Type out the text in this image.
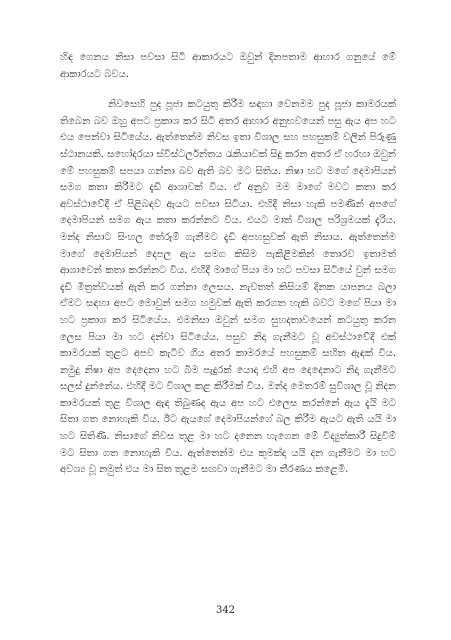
හිඳ ගෙනය නිසා පවසා සිටි ආකාරයට ඔවුන් දිනපතාම ආහාර ගනුයේ මේ ආකාරයට බවය.

නිවසෙහි පුද පූජා කටයුතු කිරීම සඳහා වෙනමම පුද පූජා කාමරයක් තිබෙන බව ඔහු අපට ප්‍රකාශ කර සිටි අතර ආහාර අනුභවයෙන් පසු ඇය අප හට එය පෙන්වා සිටියේය. ඇත්තෙන්ම නිවස ඉතා විශාල සහ පහසුකම් වලින් පිරුණු ස්ථානයකි. සහෝදරයා ස්වීස්ටර්ලන්තය රැකියාවක් සිදු කරන අතර ඒ හරහා ඔවුන් මේ පහසුකම් සපයා ගන්නා බව ඇති බව මට සිතිය. නිෂා හට මගේ දෙමාපියන් සමග කතා කිරීමට දැඩි ආශාවක් විය. ඒ අනුව මම මාගේ මවට කතා කර අවස්ථාවේදී ඒ පිළිබඳව ඇයට පවසා සිටියා. එහිදී නිසා හැකි පමණින් අපගේ දෙමාපියන් සමග ඇය කතා කරන්නට විය. එයට මාත් විශාල පරිශ්‍රමයක් දැරිය. මන්ද නිසාට සිංහල තේරුම් ගැනීමට දැඩි අපහසුවක් ඇති නිසාය. ඇත්තෙන්ම මාගේ දෙමාපියන් දෙපල ඇය සමග කිසිම පැකිළීමකින් තොරව ඉතාමත් ආශාවෙන් කතා කරන්නට විය. එහිදී මාගේ පියා මා හට පවසා සිටියේ වුන් සමග දැඩි මිත්‍රත්වයක් ඇති කර ගන්නා ලෙසය. නැවතත් කිසියම් දිනක යාපනය බලා ඒමට සඳහා අපට මොවුන් සමග හමුවක් ඇති කරගත හැකි බවට මගේ පියා මා හට ප්‍රකාශ කර සිටියේය. එමනිසා ඔවුන් සමග සුහදතාවයෙන් කටයුතු කරන ලෙස පියා මා හට දන්වා සිටියේය. පසුව නිදා ගැනීමට වූ අවස්ථාවේදී එක් කාමරයක් තුළට අපව කැටිව ගිය අතර කාමරයේ පහසුකම් සහිත ඇඳක් විය. නමුදු නිෂා අප දෙදෙනා හට බිම පැදුරක් යොදා එහි අප දෙදෙනාට නිදා ගැනීමට සලස් දුන්නේය. එහිදී මට විශාල කළ කිරීමක් විය. මන්ද මෙතරම් සුවිශාල වූ නිදන කාමරයක් තුළ විශාල ඇඳ තිබුණද ඇය අප හට එලෙස කරන්නේ ඇය දැයි මට සිතා ගත නොහැකි විය. ඊට ඇයගේ දෙමාපියන්ගේ බල කිරීම ඇයට ඇති යයි මා හට සිතිණි. නිසාගේ නිවස තුළ මා හට දනෙන හැගෙන මේ විද්‍යුත්කාරී සිදුවීම් මට සිතා ගත නොහැකි විය. ඇත්තෙන්ම එය කුමක්ද යයි දන ගැනීමට මා හට අවශ්‍ය වූ නමුත් එය මා සිත තුළම සඟවා ගැනීමට මා තීරණය කළෙමි.

342
